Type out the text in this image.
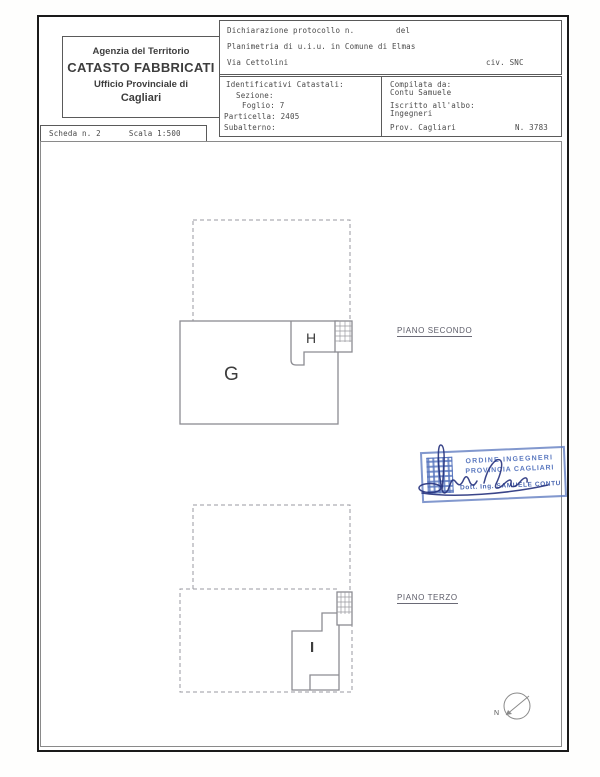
Agenzia del Territorio
CATASTO FABBRICATI
Ufficio Provinciale di
Cagliari
Dichiarazione protocollo n.	del
Planimetria di u.i.u. in Comune di Elmas
Via Cettolini	civ. SNC
Identificativi Catastali:
Sezione:
Foglio: 7
Particella: 2405
Subalterno:
Compilata da:
Contu Samuele
Iscritto all'albo:
Ingegneri
Prov. Cagliari	N. 3783
Scheda n. 2	Scala 1:500
PIANO SECONDO
PIANO TERZO
G
H
I
N
ORDINE INGEGNERI
PROVINCIA CAGLIARI
Dott. Ing. SAMUELE CONTU
